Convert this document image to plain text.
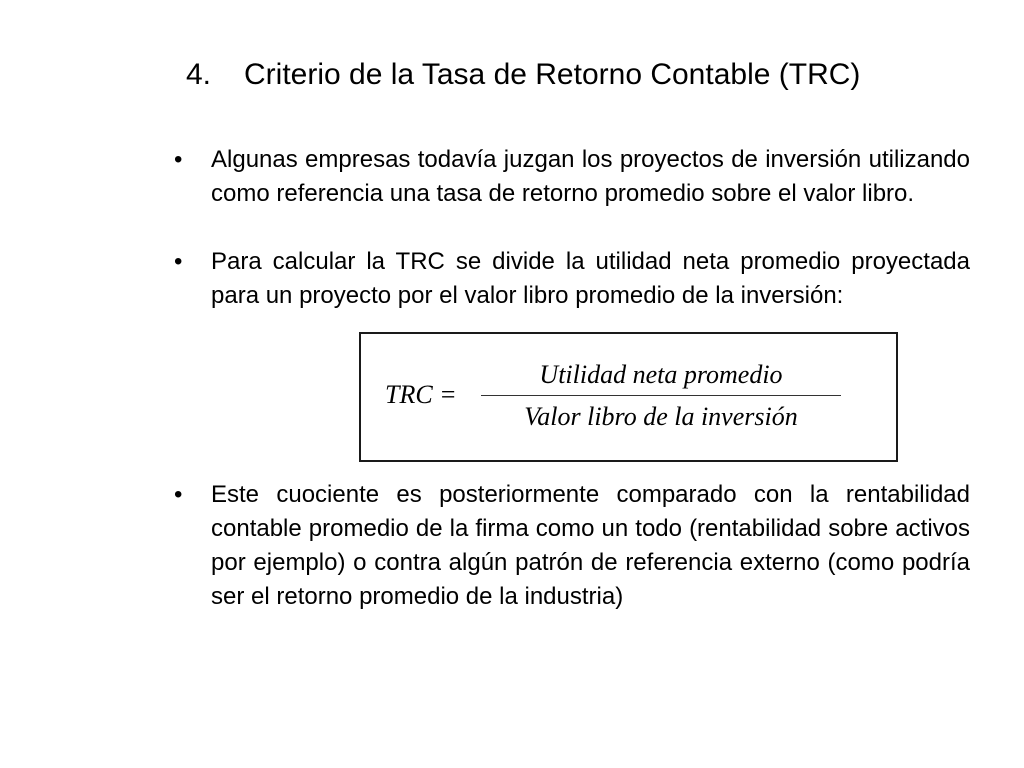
4. Criterio de la Tasa de Retorno Contable (TRC)
•	Algunas empresas todavía juzgan los proyectos de inversión utilizando como referencia una tasa de retorno promedio sobre el valor libro.
•	Para calcular la TRC se divide la utilidad neta promedio proyectada para un proyecto por el valor libro promedio de la inversión:
TRC =
Utilidad neta promedio
Valor libro de la inversión
•	Este cuociente es posteriormente comparado con la rentabilidad contable promedio de la firma como un todo (rentabilidad sobre activos por ejemplo) o contra algún patrón de referencia externo (como podría ser el retorno promedio de la industria)
